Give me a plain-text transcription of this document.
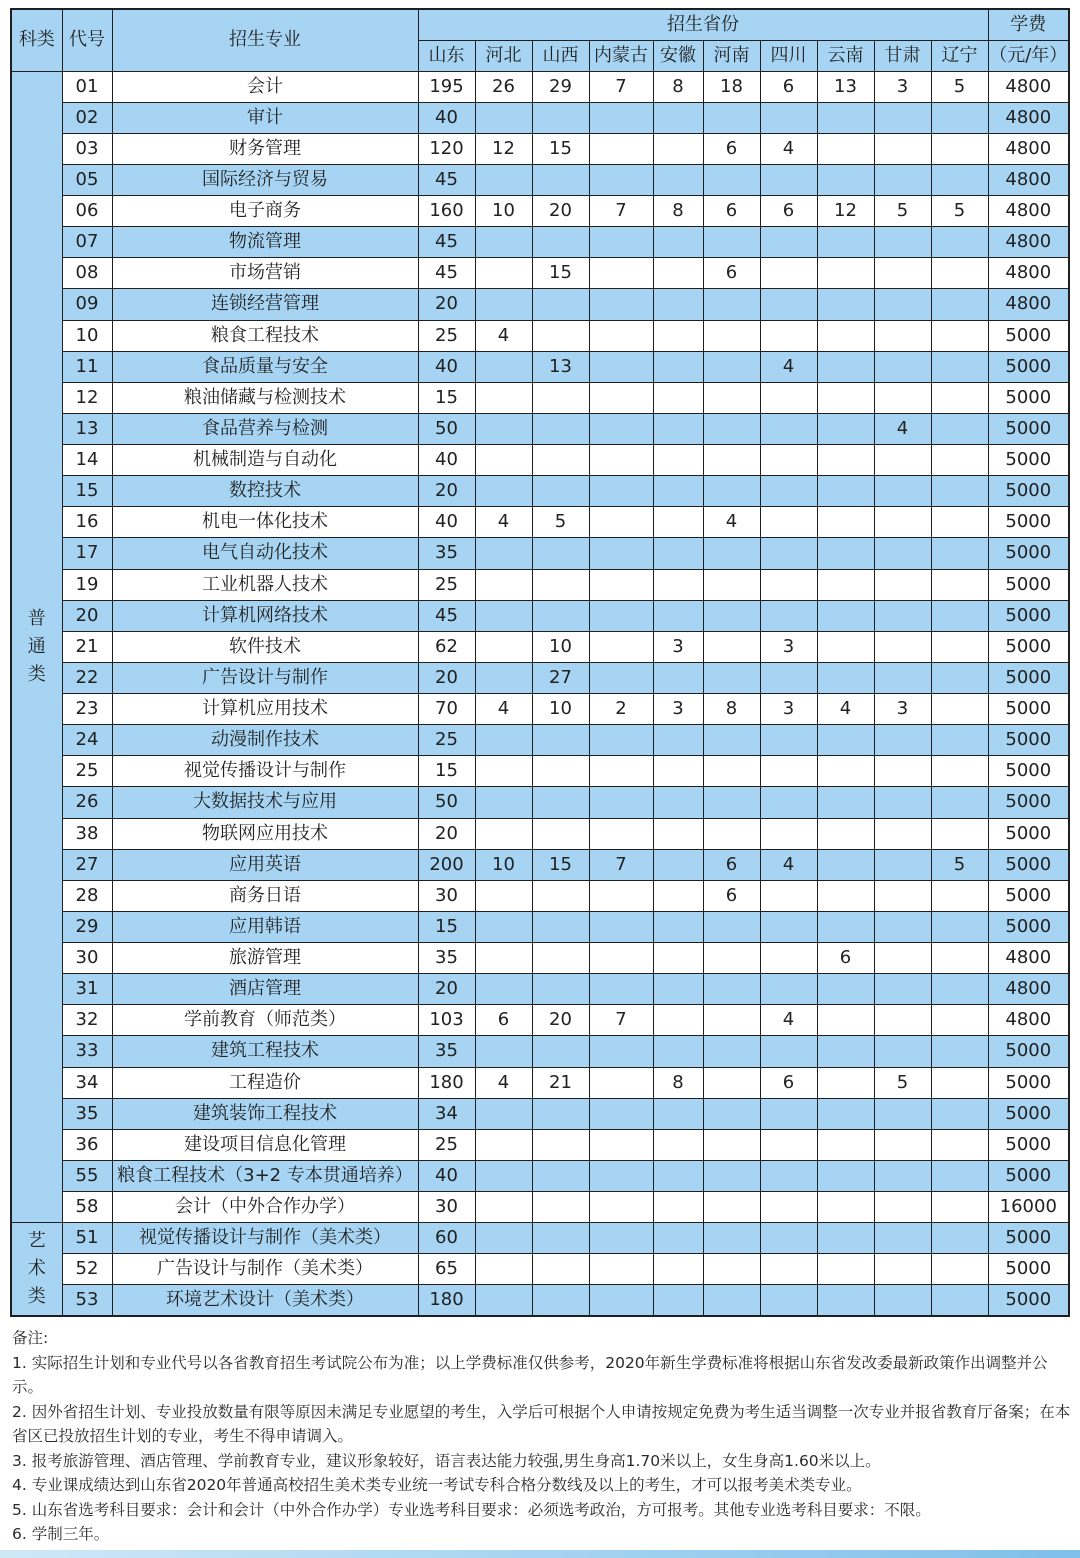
科类	代号	招生专业	招生省份										学费
			山东	河北	山西	内蒙古	安徽	河南	四川	云南	甘肃	辽宁	（元/年）
普通类	01	会计	195	26	29	7	8	18	6	13	3	5	4800
	02	审计	40										4800
	03	财务管理	120	12	15			6	4				4800
	05	国际经济与贸易	45										4800
	06	电子商务	160	10	20	7	8	6	6	12	5	5	4800
	07	物流管理	45										4800
	08	市场营销	45		15			6					4800
	09	连锁经营管理	20										4800
	10	粮食工程技术	25	4									5000
	11	食品质量与安全	40		13				4				5000
	12	粮油储藏与检测技术	15										5000
	13	食品营养与检测	50								4		5000
	14	机械制造与自动化	40										5000
	15	数控技术	20										5000
	16	机电一体化技术	40	4	5			4					5000
	17	电气自动化技术	35										5000
	19	工业机器人技术	25										5000
	20	计算机网络技术	45										5000
	21	软件技术	62		10		3		3				5000
	22	广告设计与制作	20		27								5000
	23	计算机应用技术	70	4	10	2	3	8	3	4	3		5000
	24	动漫制作技术	25										5000
	25	视觉传播设计与制作	15										5000
	26	大数据技术与应用	50										5000
	38	物联网应用技术	20										5000
	27	应用英语	200	10	15	7		6	4			5	5000
	28	商务日语	30					6					5000
	29	应用韩语	15										5000
	30	旅游管理	35							6			4800
	31	酒店管理	20										4800
	32	学前教育（师范类）	103	6	20	7			4				4800
	33	建筑工程技术	35										5000
	34	工程造价	180	4	21		8		6		5		5000
	35	建筑装饰工程技术	34										5000
	36	建设项目信息化管理	25										5000
	55	粮食工程技术（3+2 专本贯通培养）	40										5000
	58	会计（中外合作办学）	30										16000
艺术类	51	视觉传播设计与制作（美术类）	60										5000
	52	广告设计与制作（美术类）	65										5000
	53	环境艺术设计（美术类）	180										5000

备注:

1. 实际招生计划和专业代号以各省教育招生考试院公布为准；以上学费标准仅供参考，2020年新生学费标准将根据山东省发改委最新政策作出调整并公示。

2. 因外省招生计划、专业投放数量有限等原因未满足专业愿望的考生，入学后可根据个人申请按规定免费为考生适当调整一次专业并报省教育厅备案；在本省区已投放招生计划的专业，考生不得申请调入。

3. 报考旅游管理、酒店管理、学前教育专业，建议形象较好，语言表达能力较强,男生身高1.70米以上，女生身高1.60米以上。

4. 专业课成绩达到山东省2020年普通高校招生美术类专业统一考试专科合格分数线及以上的考生，才可以报考美术类专业。

5. 山东省选考科目要求：会计和会计（中外合作办学）专业选考科目要求：必须选考政治，方可报考。其他专业选考科目要求：不限。

6. 学制三年。
